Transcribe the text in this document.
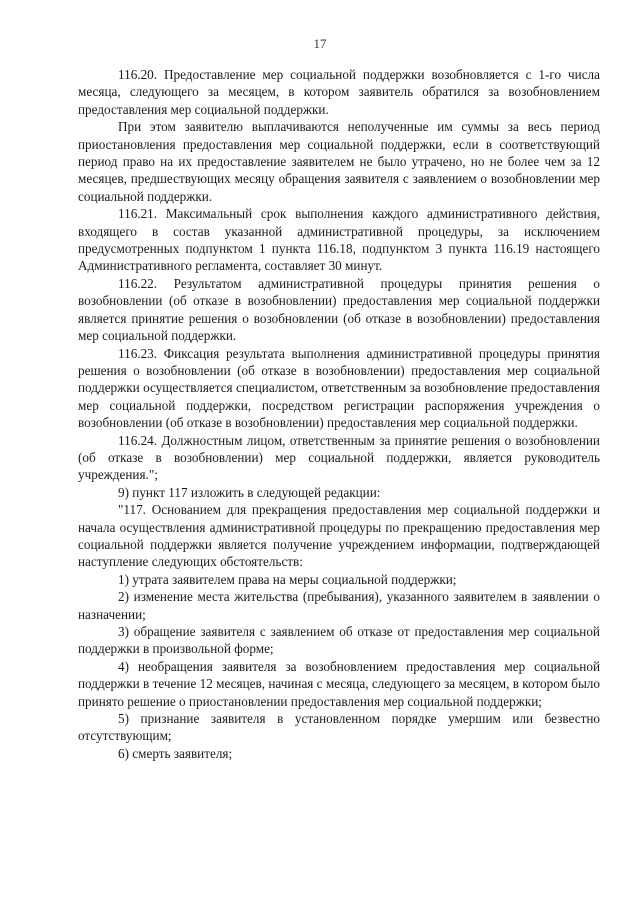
17

116.20. Предоставление мер социальной поддержки возобновляется с 1-го числа месяца, следующего за месяцем, в котором заявитель обратился за возобновлением предоставления мер социальной поддержки.

При этом заявителю выплачиваются неполученные им суммы за весь период приостановления предоставления мер социальной поддержки, если в соответствующий период право на их предоставление заявителем не было утрачено, но не более чем за 12 месяцев, предшествующих месяцу обращения заявителя с заявлением о возобновлении мер социальной поддержки.

116.21. Максимальный срок выполнения каждого административного действия, входящего в состав указанной административной процедуры, за исключением предусмотренных подпунктом 1 пункта 116.18, подпунктом 3 пункта 116.19 настоящего Административного регламента, составляет 30 минут.

116.22. Результатом административной процедуры принятия решения о возобновлении (об отказе в возобновлении) предоставления мер социальной поддержки является принятие решения о возобновлении (об отказе в возобновлении) предоставления мер социальной поддержки.

116.23. Фиксация результата выполнения административной процедуры принятия решения о возобновлении (об отказе в возобновлении) предоставления мер социальной поддержки осуществляется специалистом, ответственным за возобновление предоставления мер социальной поддержки, посредством регистрации распоряжения учреждения о возобновлении (об отказе в возобновлении) предоставления мер социальной поддержки.

116.24. Должностным лицом, ответственным за принятие решения о возобновлении (об отказе в возобновлении) мер социальной поддержки, является руководитель учреждения.";

9) пункт 117 изложить в следующей редакции:

"117. Основанием для прекращения предоставления мер социальной поддержки и начала осуществления административной процедуры по прекращению предоставления мер социальной поддержки является получение учреждением информации, подтверждающей наступление следующих обстоятельств:

1) утрата заявителем права на меры социальной поддержки;

2) изменение места жительства (пребывания), указанного заявителем в заявлении о назначении;

3) обращение заявителя с заявлением об отказе от предоставления мер социальной поддержки в произвольной форме;

4) необращения заявителя за возобновлением предоставления мер социальной поддержки в течение 12 месяцев, начиная с месяца, следующего за месяцем, в котором было принято решение о приостановлении предоставления мер социальной поддержки;

5) признание заявителя в установленном порядке умершим или безвестно отсутствующим;

6) смерть заявителя;
